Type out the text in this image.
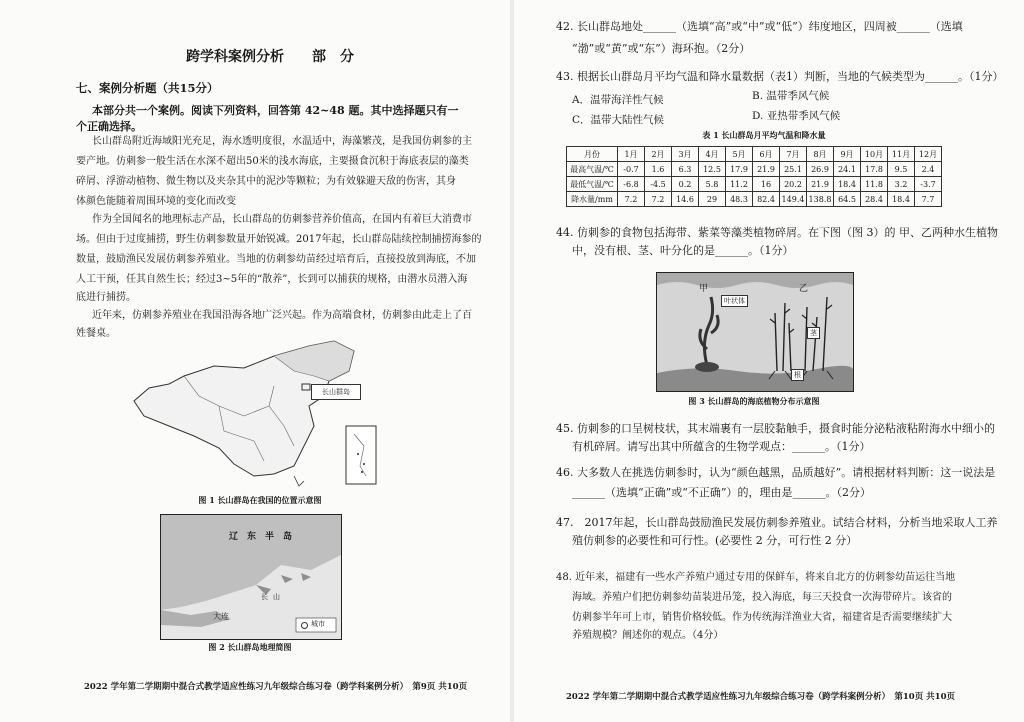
跨学科案例分析　　部　分
七、案例分析题（共15分）
本部分共一个案例。阅读下列资料，回答第 42~48 题。其中选择题只有一
个正确选择。
长山群岛附近海域阳光充足，海水透明度很，水温适中，海藻繁茂，是我国仿刺参的主
要产地。仿刺参一般生活在水深不超出50米的浅水海底，主要摄食沉积于海底表层的藻类
碎屑、浮游动植物、微生物以及夹杂其中的泥沙等颗粒；为有效躲避天敌的伤害，其身
体颜色能随着周围环境的变化而改变
作为全国闻名的地理标志产品，长山群岛的仿刺参营养价值高，在国内有着巨大消费市
场。但由于过度捕捞，野生仿刺参数量开始锐减。2017年起，长山群岛陆续控制捕捞海参的
数量，鼓励渔民发展仿刺参养殖业。当地的仿刺参幼苗经过培育后，直接投放到海底，不加
人工干预，任其自然生长；经过3~5年的“散养”，长到可以捕获的规格，由潜水员潜入海
底进行捕捞。
近年来，仿刺参养殖业在我国沿海各地广泛兴起。作为高端食材，仿刺参由此走上了百
姓餐桌。
长山群岛
图 1 长山群岛在我国的位置示意图
辽　东　半　岛
长 山
大连
城市
图 2 长山群岛地理简图
2022 学年第二学期期中混合式教学适应性练习九年级综合练习卷（跨学科案例分析）　第9页 共10页
42. 长山群岛地处______（选填“高”或“中”或“低”）纬度地区，四周被______（选填
“渤”或“黄”或“东”）海环抱。（2分）
43. 根据长山群岛月平均气温和降水量数据（表1）判断，当地的气候类型为______。（1分）
A．温带海洋性气候	B. 温带季风气候
C．温带大陆性气候	D. 亚热带季风气候
表 1 长山群岛月平均气温和降水量
月份	1月	2月	3月	4月	5月	6月	7月	8月	9月	10月	11月	12月
最高气温/℃	-0.7	1.6	6.3	12.5	17.9	21.9	25.1	26.9	24.1	17.8	9.5	2.4
最低气温/℃	-6.8	-4.5	0.2	5.8	11.2	16	20.2	21.9	18.4	11.8	3.2	-3.7
降水量/mm	7.2	7.2	14.6	29	48.3	82.4	149.4	138.8	64.5	28.4	18.4	7.7
44. 仿刺参的食物包括海带、紫菜等藻类植物碎屑。在下图（图 3）的 甲、乙两种水生植物
中，没有根、茎、叶分化的是______。（1分）
甲	乙
叶状体
茎
根
图 3 长山群岛的海底植物分布示意图
45. 仿刺参的口呈树枝状，其末端裹有一层胶黏触手，摄食时能分泌粘液粘附海水中细小的
有机碎屑。请写出其中所蕴含的生物学观点：______。（1分）
46. 大多数人在挑选仿刺参时，认为“颜色越黑，品质越好”。请根据材料判断：这一说法是
______（选填“正确”或“不正确”）的，理由是______。（2分）
47.　2017年起，长山群岛鼓励渔民发展仿刺参养殖业。试结合材料，分析当地采取人工养
殖仿刺参的必要性和可行性。(必要性 2 分，可行性 2 分）
48. 近年来，福建有一些水产养殖户通过专用的保鲜车，将来自北方的仿刺参幼苗运往当地
海域。养殖户们把仿刺参幼苗装进吊笼，投入海底，每三天投食一次海带碎片。该省的
仿刺参半年可上市，销售价格较低。作为传统海洋渔业大省，福建省是否需要继续扩大
养殖规模？阐述你的观点。（4分）
2022 学年第二学期期中混合式教学适应性练习九年级综合练习卷（跨学科案例分析）　第10页 共10页
